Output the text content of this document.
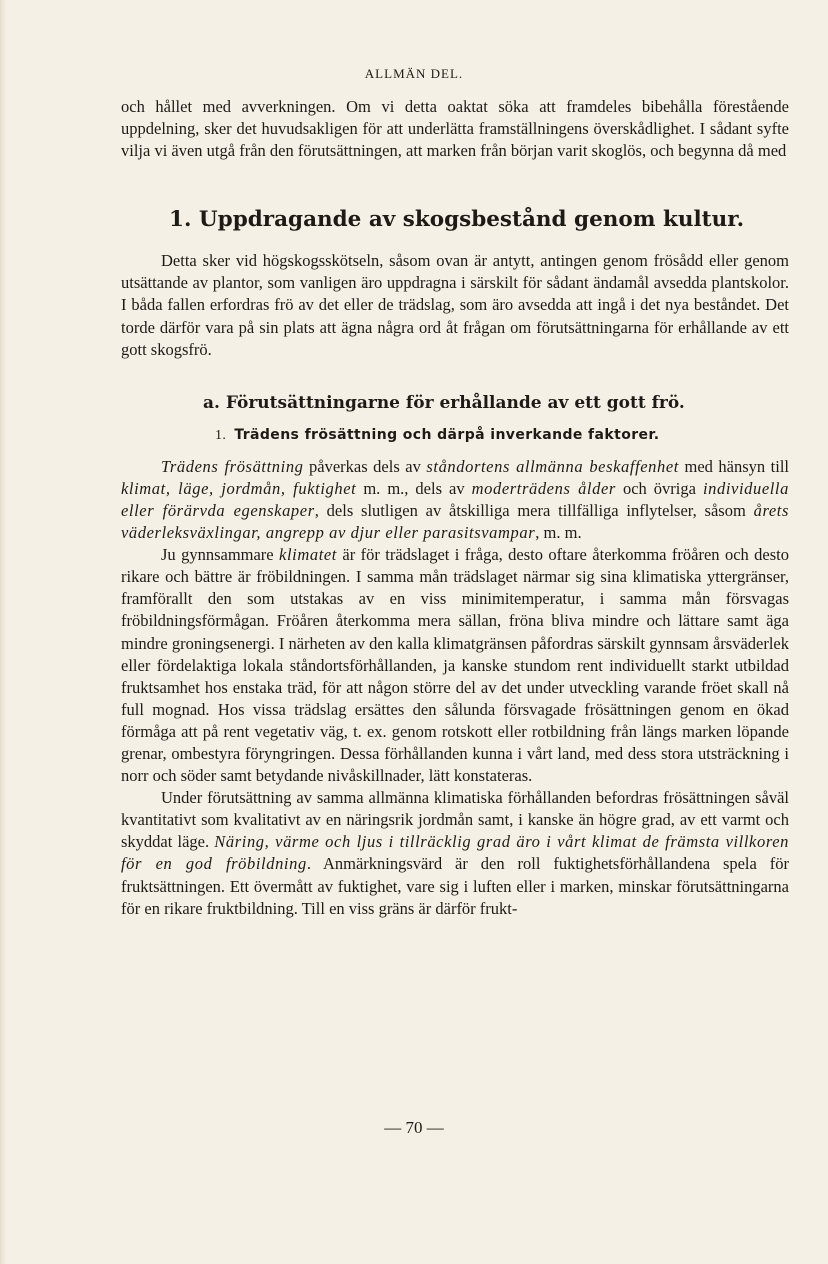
ALLMÄN DEL.

och hållet med avverkningen. Om vi detta oaktat söka att framdeles bibehålla förestående uppdelning, sker det huvudsakligen för att underlätta framställningens överskådlighet. I sådant syfte vilja vi även utgå från den förutsättningen, att marken från början varit skoglös, och begynna då med

1. Uppdragande av skogsbestånd genom kultur.

Detta sker vid högskogsskötseln, såsom ovan är antytt, antingen genom frösådd eller genom utsättande av plantor, som vanligen äro uppdragna i särskilt för sådant ändamål avsedda plantskolor. I båda fallen erfordras frö av det eller de trädslag, som äro avsedda att ingå i det nya beståndet. Det torde därför vara på sin plats att ägna några ord åt frågan om förutsättningarna för erhållande av ett gott skogsfrö.

a. Förutsättningarne för erhållande av ett gott frö.

1. Trädens frösättning och därpå inverkande faktorer.

Trädens frösättning påverkas dels av ståndortens allmänna beskaffenhet med hänsyn till klimat, läge, jordmån, fuktighet m. m., dels av moderträdens ålder och övriga individuella eller förärvda egenskaper, dels slutligen av åtskilliga mera tillfälliga inflytelser, såsom årets väderleksväxlingar, angrepp av djur eller parasitsvampar, m. m.

Ju gynnsammare klimatet är för trädslaget i fråga, desto oftare återkomma fröåren och desto rikare och bättre är fröbildningen. I samma mån trädslaget närmar sig sina klimatiska yttergränser, framförallt den som utstakas av en viss minimitemperatur, i samma mån försvagas fröbildningsförmågan. Fröåren återkomma mera sällan, fröna bliva mindre och lättare samt äga mindre groningsenergi. I närheten av den kalla klimatgränsen påfordras särskilt gynnsam årsväderlek eller fördelaktiga lokala ståndortsförhållanden, ja kanske stundom rent individuellt starkt utbildad fruktsamhet hos enstaka träd, för att någon större del av det under utveckling varande fröet skall nå full mognad. Hos vissa trädslag ersättes den sålunda försvagade frösättningen genom en ökad förmåga att på rent vegetativ väg, t. ex. genom rotskott eller rotbildning från längs marken löpande grenar, ombestyra föryngringen. Dessa förhållanden kunna i vårt land, med dess stora utsträckning i norr och söder samt betydande nivåskillnader, lätt konstateras.

Under förutsättning av samma allmänna klimatiska förhållanden befordras frösättningen såväl kvantitativt som kvalitativt av en näringsrik jordmån samt, i kanske än högre grad, av ett varmt och skyddat läge. Näring, värme och ljus i tillräcklig grad äro i vårt klimat de främsta villkoren för en god fröbildning. Anmärkningsvärd är den roll fuktighetsförhållandena spela för fruktsättningen. Ett övermått av fuktighet, vare sig i luften eller i marken, minskar förutsättningarna för en rikare fruktbildning. Till en viss gräns är därför frukt-

— 70 —
